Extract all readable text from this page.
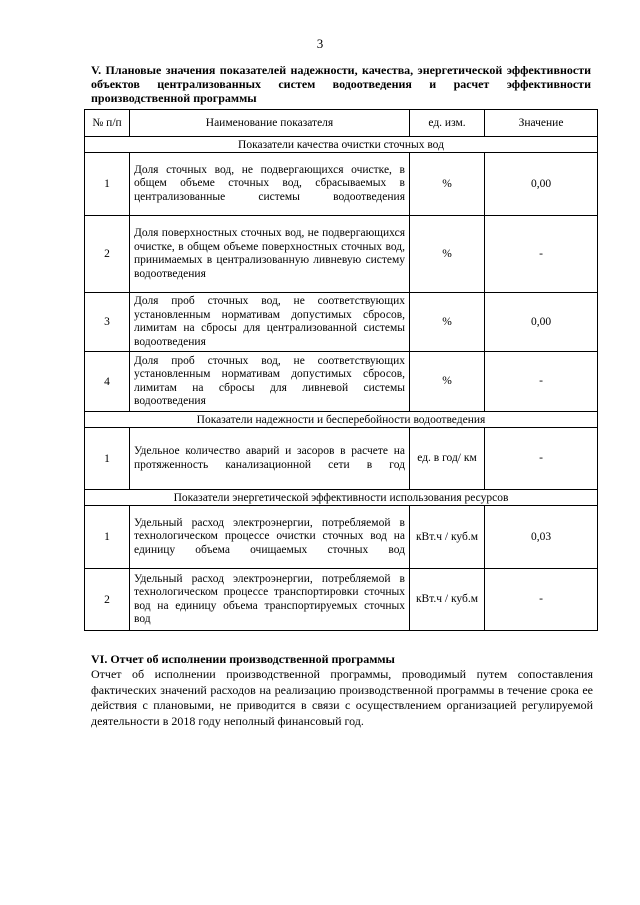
3
V. Плановые значения показателей надежности, качества, энергетической эффективности объектов централизованных систем водоотведения и расчет эффективности производственной программы
№ п/п	Наименование показателя	ед. изм.	Значение
Показатели качества очистки сточных вод			
1	Доля сточных вод, не подвергающихся очистке, в общем объеме сточных вод, сбрасываемых в централизованные системы водоотведения	%	0,00
2	Доля поверхностных сточных вод, не подвергающихся очистке, в общем объеме поверхностных сточных вод, принимаемых в централизованную ливневую систему водоотведения	%	-
3	Доля проб сточных вод, не соответствующих установленным нормативам допустимых сбросов, лимитам на сбросы для централизованной системы водоотведения	%	0,00
4	Доля проб сточных вод, не соответствующих установленным нормативам допустимых сбросов, лимитам на сбросы для ливневой системы водоотведения	%	-
Показатели надежности и бесперебойности водоотведения			
1	Удельное количество аварий и засоров в расчете на протяженность канализационной сети в год	ед. в год/ км	-
Показатели энергетической эффективности использования ресурсов			
1	Удельный расход электроэнергии, потребляемой в технологическом процессе очистки сточных вод на единицу объема очищаемых сточных вод	кВт.ч / куб.м	0,03
2	Удельный расход электроэнергии, потребляемой в технологическом процессе транспортировки сточных вод на единицу объема транспортируемых сточных вод	кВт.ч / куб.м	-
VI. Отчет об исполнении производственной программы

Отчет об исполнении производственной программы, проводимый путем сопоставления фактических значений расходов на реализацию производственной программы в течение срока ее действия с плановыми, не приводится в связи с осуществлением организацией регулируемой деятельности в 2018 году неполный финансовый год.
